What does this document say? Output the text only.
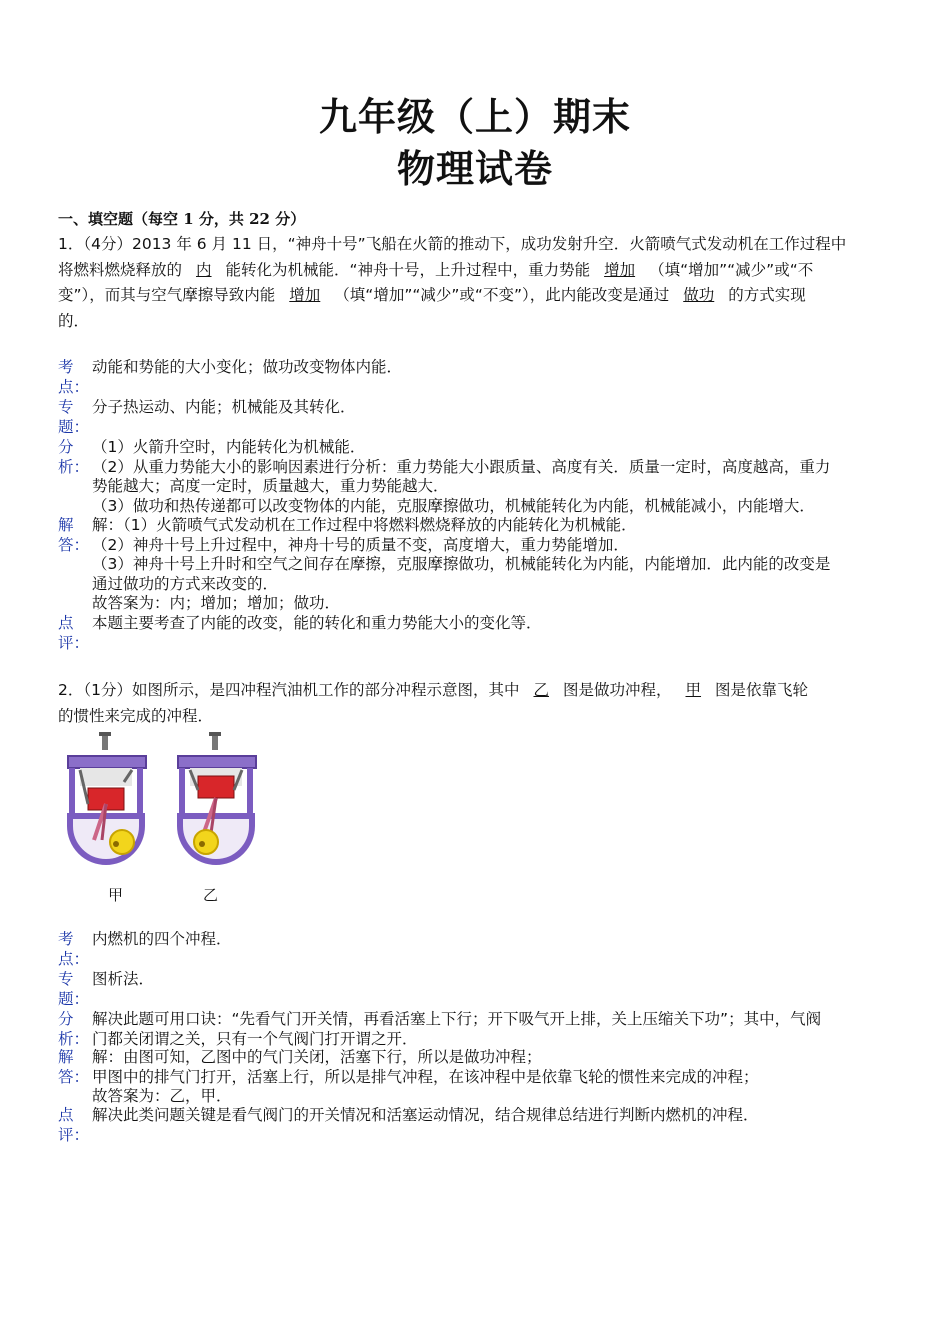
九年级（上）期末
物理试卷
一、填空题（每空 1 分，共 22 分）
1．（4分）2013 年 6 月 11 日，“神舟十号”飞船在火箭的推动下，成功发射升空．火箭喷气式发动机在工作过程中
将燃料燃烧释放的 内 能转化为机械能．“神舟十号，上升过程中，重力势能 增加 （填“增加”“减少”或“不
变”），而其与空气摩擦导致内能 增加 （填“增加”“减少”或“不变”），此内能改变是通过 做功 的方式实现
的．
考点：
动能和势能的大小变化；做功改变物体内能．
专题：
分子热运动、内能；机械能及其转化．
分析：
（1）火箭升空时，内能转化为机械能．
（2）从重力势能大小的影响因素进行分析：重力势能大小跟质量、高度有关．质量一定时，高度越高，重力
势能越大；高度一定时，质量越大，重力势能越大．
（3）做功和热传递都可以改变物体的内能，克服摩擦做功，机械能转化为内能，机械能减小，内能增大．
解答：
解：（1）火箭喷气式发动机在工作过程中将燃料燃烧释放的内能转化为机械能．
（2）神舟十号上升过程中，神舟十号的质量不变，高度增大，重力势能增加．
（3）神舟十号上升时和空气之间存在摩擦，克服摩擦做功，机械能转化为内能，内能增加．此内能的改变是
通过做功的方式来改变的．
故答案为：内；增加；增加；做功．
点评：
本题主要考查了内能的改变，能的转化和重力势能大小的变化等．
2．（1分）如图所示，是四冲程汽油机工作的部分冲程示意图，其中 乙 图是做功冲程， 甲 图是依靠飞轮
的惯性来完成的冲程．
甲	乙
考点：
内燃机的四个冲程．
专题：
图析法．
分析：
解决此题可用口诀：“先看气门开关情，再看活塞上下行；开下吸气开上排，关上压缩关下功”；其中，气阀
门都关闭谓之关，只有一个气阀门打开谓之开．
解答：
解：由图可知，乙图中的气门关闭，活塞下行，所以是做功冲程；
甲图中的排气门打开，活塞上行，所以是排气冲程，在该冲程中是依靠飞轮的惯性来完成的冲程；
故答案为：乙，甲．
点评：
解决此类问题关键是看气阀门的开关情况和活塞运动情况，结合规律总结进行判断内燃机的冲程．
